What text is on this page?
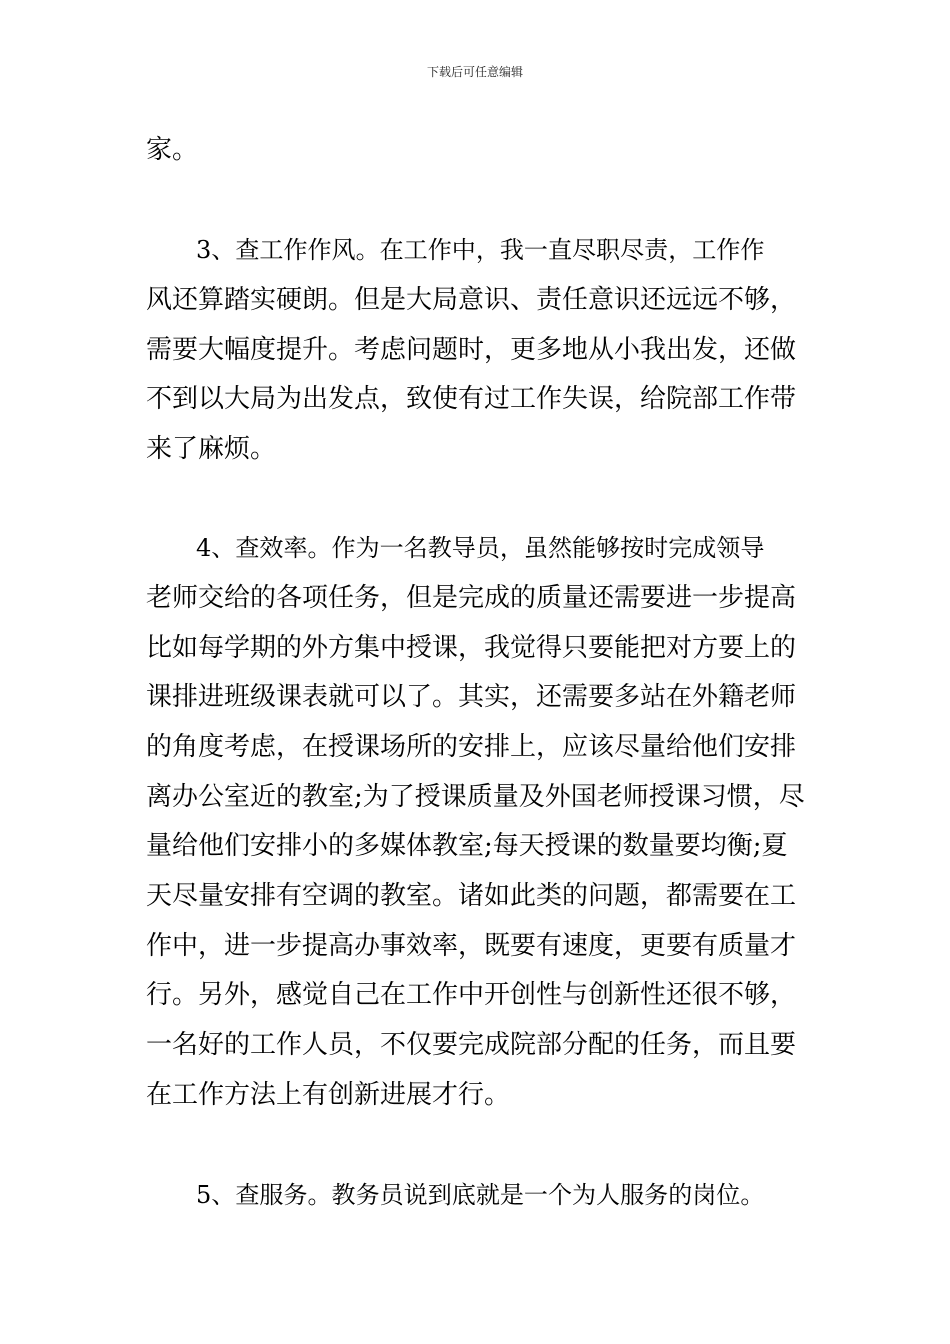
下载后可任意编辑
家。
3、查工作作风。在工作中，我一直尽职尽责，工作作
风还算踏实硬朗。但是大局意识、责任意识还远远不够，
需要大幅度提升。考虑问题时，更多地从小我出发，还做
不到以大局为出发点，致使有过工作失误，给院部工作带
来了麻烦。
4、查效率。作为一名教导员，虽然能够按时完成领导
老师交给的各项任务，但是完成的质量还需要进一步提高
比如每学期的外方集中授课，我觉得只要能把对方要上的
课排进班级课表就可以了。其实，还需要多站在外籍老师
的角度考虑，在授课场所的安排上，应该尽量给他们安排
离办公室近的教室;为了授课质量及外国老师授课习惯，尽
量给他们安排小的多媒体教室;每天授课的数量要均衡;夏
天尽量安排有空调的教室。诸如此类的问题，都需要在工
作中，进一步提高办事效率，既要有速度，更要有质量才
行。另外，感觉自己在工作中开创性与创新性还很不够，
一名好的工作人员，不仅要完成院部分配的任务，而且要
在工作方法上有创新进展才行。
5、查服务。教务员说到底就是一个为人服务的岗位。
